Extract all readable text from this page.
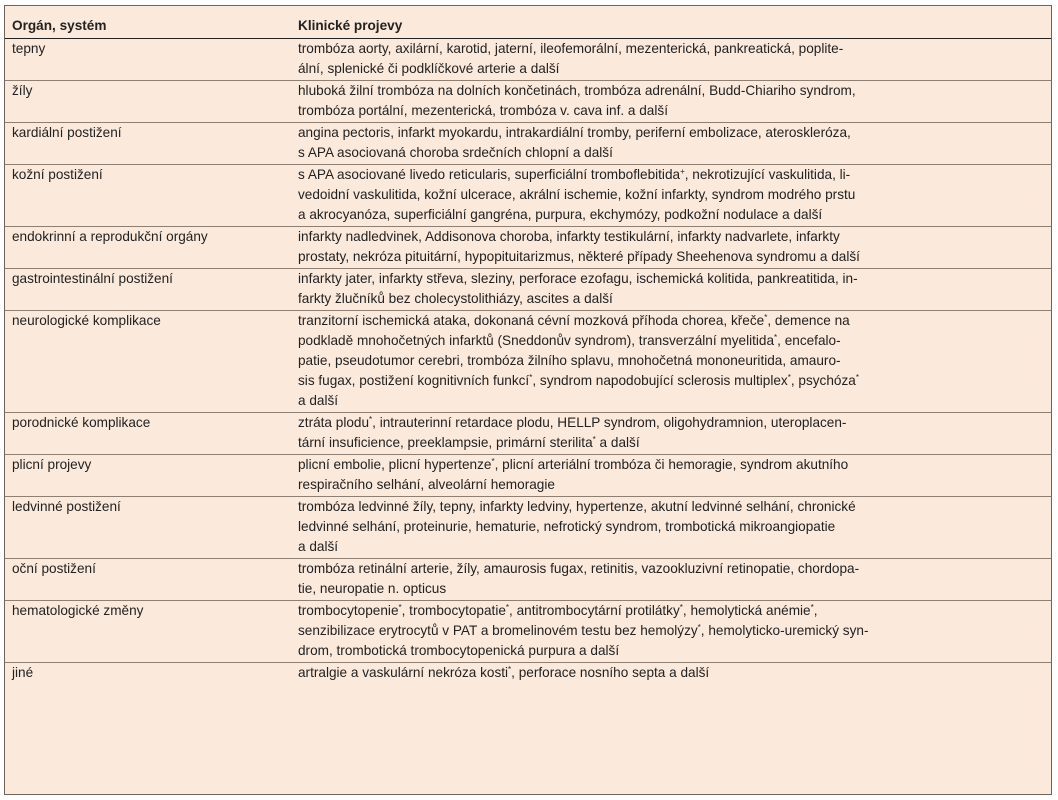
Orgán, systém	Klinické projevy
tepny	trombóza aorty, axilární, karotid, jaterní, ileofemorální, mezenterická, pankreatická, poplite-
ální, splenické či podklíčkové arterie a další

žíly	hluboká žilní trombóza na dolních končetinách, trombóza adrenální, Budd-Chiariho syndrom,
trombóza portální, mezenterická, trombóza v. cava inf. a další

kardiální postižení	angina pectoris, infarkt myokardu, intrakardiální tromby, periferní embolizace, ateroskleróza,
s APA asociovaná choroba srdečních chlopní a další

kožní postižení	s APA asociované livedo reticularis, superficiální tromboflebitida+, nekrotizující vaskulitida, li-
vedoidní vaskulitida, kožní ulcerace, akrální ischemie, kožní infarkty, syndrom modrého prstu
a akrocyanóza, superficiální gangréna, purpura, ekchymózy, podkožní nodulace a další

endokrinní a reprodukční orgány	infarkty nadledvinek, Addisonova choroba, infarkty testikulární, infarkty nadvarlete, infarkty
prostaty, nekróza pituitární, hypopituitarizmus, některé případy Sheehenova syndromu a další

gastrointestinální postižení	infarkty jater, infarkty střeva, sleziny, perforace ezofagu, ischemická kolitida, pankreatitida, in-
farkty žlučníků bez cholecystolithiázy, ascites a další

neurologické komplikace	tranzitorní ischemická ataka, dokonaná cévní mozková příhoda chorea, křeče*, demence na
podkladě mnohočetných infarktů (Sneddonův syndrom), transverzální myelitida*, encefalo-
patie, pseudotumor cerebri, trombóza žilního splavu, mnohočetná mononeuritida, amauro-
sis fugax, postižení kognitivních funkcí*, syndrom napodobující sclerosis multiplex*, psychóza*
a další

porodnické komplikace	ztráta plodu*, intrauterinní retardace plodu, HELLP syndrom, oligohydramnion, uteroplacen-
tární insuficience, preeklampsie, primární sterilita* a další

plicní projevy	plicní embolie, plicní hypertenze*, plicní arteriální trombóza či hemoragie, syndrom akutního
respiračního selhání, alveolární hemoragie

ledvinné postižení	trombóza ledvinné žíly, tepny, infarkty ledviny, hypertenze, akutní ledvinné selhání, chronické
ledvinné selhání, proteinurie, hematurie, nefrotický syndrom, trombotická mikroangiopatie
a další

oční postižení	trombóza retinální arterie, žíly, amaurosis fugax, retinitis, vazookluzivní retinopatie, chordopa-
tie, neuropatie n. opticus

hematologické změny	trombocytopenie*, trombocytopatie*, antitrombocytární protilátky*, hemolytická anémie*,
senzibilizace erytrocytů v PAT a bromelinovém testu bez hemolýzy*, hemolyticko-uremický syn-
drom, trombotická trombocytopenická purpura a další

jiné	artralgie a vaskulární nekróza kosti*, perforace nosního septa a další
